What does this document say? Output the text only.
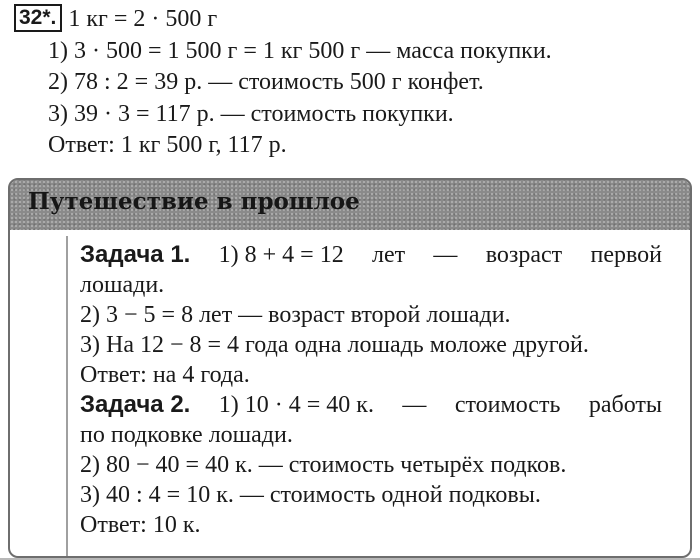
32*. 1 кг = 2 · 500 г
1) 3 · 500 = 1 500 г = 1 кг 500 г — масса покупки.
2) 78 : 2 = 39 р. — стоимость 500 г конфет.
3) 39 · 3 = 117 р. — стоимость покупки.
Ответ: 1 кг 500 г, 117 р.
Путешествие в прошлое
Задача 1. 1) 8 + 4 = 12 лет — возраст первой
лошади.
2) 3 − 5 = 8 лет — возраст второй лошади.
3) На 12 − 8 = 4 года одна лошадь моложе другой.
Ответ: на 4 года.
Задача 2. 1) 10 · 4 = 40 к. — стоимость работы
по подковке лошади.
2) 80 − 40 = 40 к. — стоимость четырёх подков.
3) 40 : 4 = 10 к. — стоимость одной подковы.
Ответ: 10 к.
